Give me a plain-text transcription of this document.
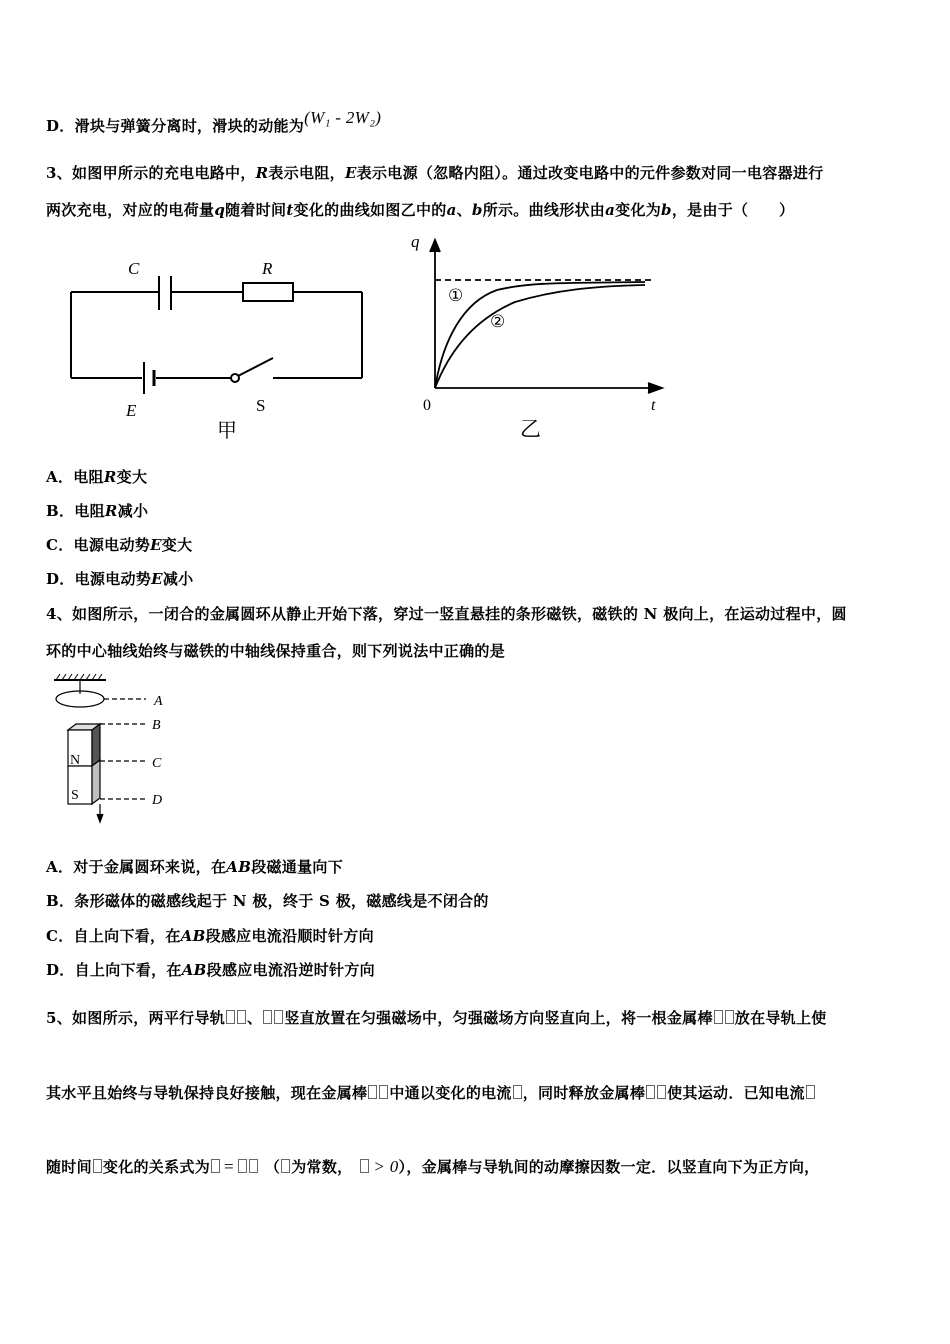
D．滑块与弹簧分离时，滑块的动能为(W₁ - 2W₂)
3、如图甲所示的充电电路中，R表示电阻，E表示电源（忽略内阻）。通过改变电路中的元件参数对同一电容器进行
两次充电，对应的电荷量q随着时间t变化的曲线如图乙中的a、b所示。曲线形状由a变化为b，是由于（　　）
C	R
E	S
甲
q
t
0
①
②
乙
A．电阻R变大
B．电阻R减小
C．电源电动势E变大
D．电源电动势E减小
4、如图所示，一闭合的金属圆环从静止开始下落，穿过一竖直悬挂的条形磁铁，磁铁的 N 极向上，在运动过程中，圆
环的中心轴线始终与磁铁的中轴线保持重合，则下列说法中正确的是
A
B
C
D
N
S
A．对于金属圆环来说，在AB段磁通量向下
B．条形磁体的磁感线起于 N 极，终于 S 极，磁感线是不闭合的
C．自上向下看，在AB段感应电流沿顺时针方向
D．自上向下看，在AB段感应电流沿逆时针方向
5、如图所示，两平行导轨 、 竖直放置在匀强磁场中，匀强磁场方向竖直向上，将一根金属棒 放在导轨上使
其水平且始终与导轨保持良好接触，现在金属棒 中通以变化的电流 ，同时释放金属棒 使其运动．已知电流
随时间 变化的关系式为 = （ 为常数， > 0），金属棒与导轨间的动摩擦因数一定．以竖直向下为正方向，
